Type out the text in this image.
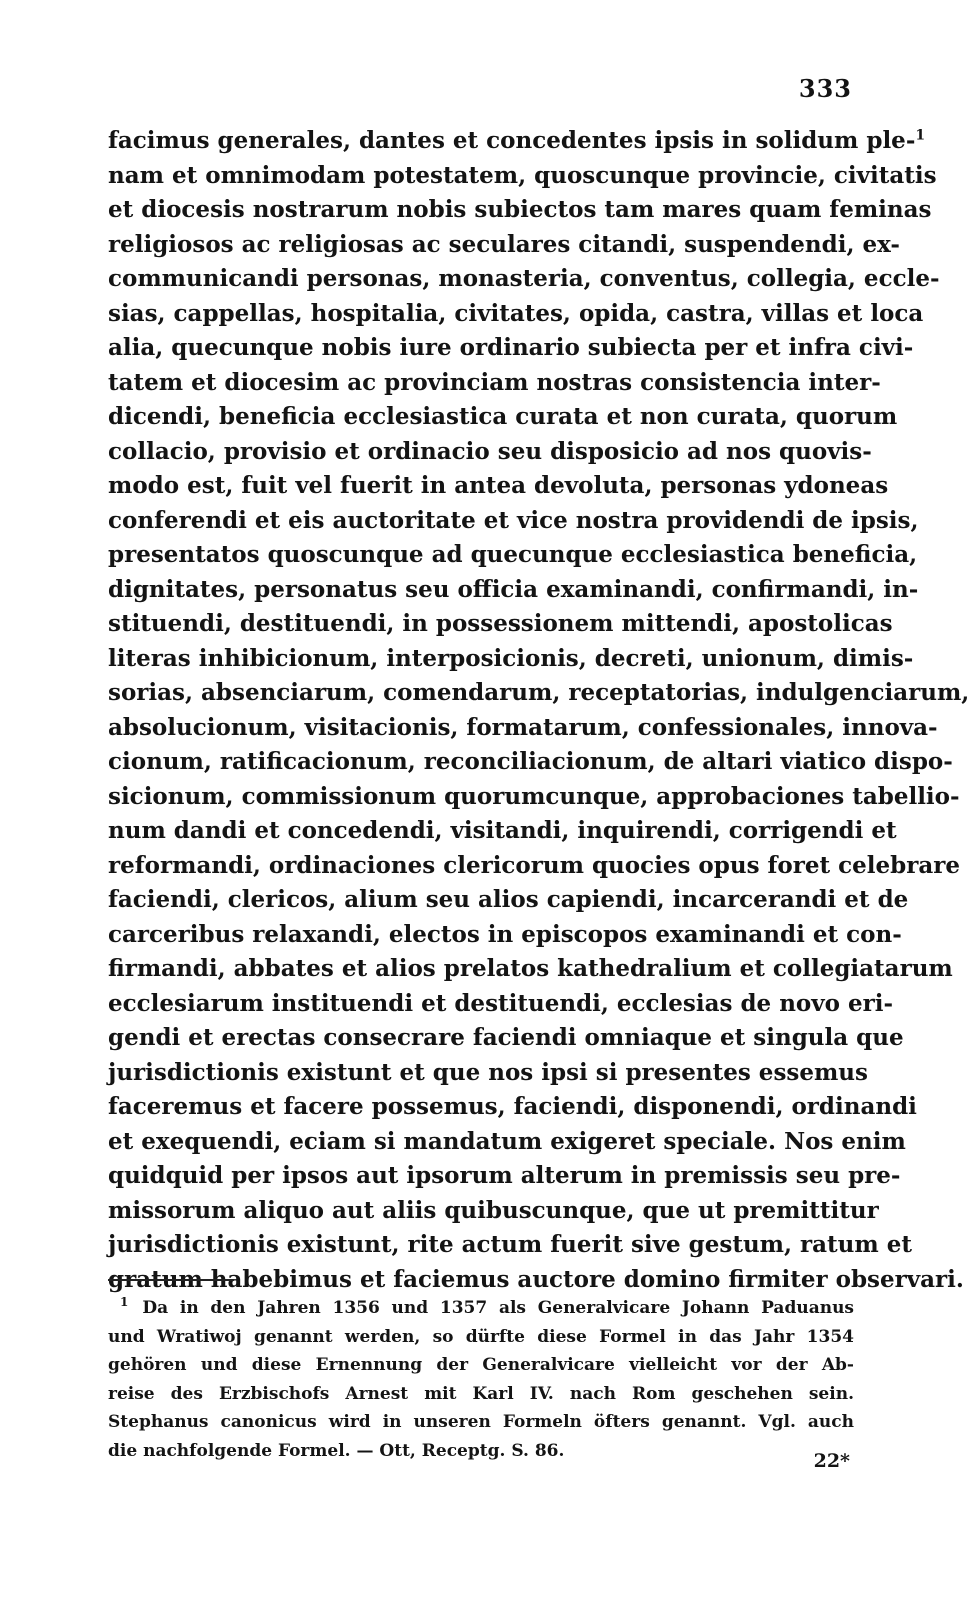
333
facimus generales, dantes et concedentes ipsis in solidum ple-$^1$
nam et omnimodam potestatem, quoscunque provincie, civitatis
et diocesis nostrarum nobis subiectos tam mares quam feminas
religiosos ac religiosas ac seculares citandi, suspendendi, ex-
communicandi personas, monasteria, conventus, collegia, eccle-
sias, cappellas, hospitalia, civitates, opida, castra, villas et loca
alia, quecunque nobis iure ordinario subiecta per et infra civi-
tatem et diocesim ac provinciam nostras consistencia inter-
dicendi, beneficia ecclesiastica curata et non curata, quorum
collacio, provisio et ordinacio seu disposicio ad nos quovis-
modo est, fuit vel fuerit in antea devoluta, personas ydoneas
conferendi et eis auctoritate et vice nostra providendi de ipsis,
presentatos quoscunque ad quecunque ecclesiastica beneficia,
dignitates, personatus seu officia examinandi, confirmandi, in-
stituendi, destituendi, in possessionem mittendi, apostolicas
literas inhibicionum, interposicionis, decreti, unionum, dimis-
sorias, absenciarum, comendarum, receptatorias, indulgenciarum,
absolucionum, visitacionis, formatarum, confessionales, innova-
cionum, ratificacionum, reconciliacionum, de altari viatico dispo-
sicionum, commissionum quorumcunque, approbaciones tabellio-
num dandi et concedendi, visitandi, inquirendi, corrigendi et
reformandi, ordinaciones clericorum quocies opus foret celebrare
faciendi, clericos, alium seu alios capiendi, incarcerandi et de
carceribus relaxandi, electos in episcopos examinandi et con-
firmandi, abbates et alios prelatos kathedralium et collegiatarum
ecclesiarum instituendi et destituendi, ecclesias de novo eri-
gendi et erectas consecrare faciendi omniaque et singula que
jurisdictionis existunt et que nos ipsi si presentes essemus
faceremus et facere possemus, faciendi, disponendi, ordinandi
et exequendi, eciam si mandatum exigeret speciale. Nos enim
quidquid per ipsos aut ipsorum alterum in premissis seu pre-
missorum aliquo aut aliis quibuscunque, que ut premittitur
jurisdictionis existunt, rite actum fuerit sive gestum, ratum et
gratum habebimus et faciemus auctore domino firmiter observari.
$^1$ Da in den Jahren 1356 und 1357 als Generalvicare Johann Paduanus
und Wratiwoj genannt werden, so dürfte diese Formel in das Jahr 1354
gehören und diese Ernennung der Generalvicare vielleicht vor der Ab-
reise des Erzbischofs Arnest mit Karl IV. nach Rom geschehen sein.
Stephanus canonicus wird in unseren Formeln öfters genannt. Vgl. auch
die nachfolgende Formel. — Ott, Receptg. S. 86.	22*
